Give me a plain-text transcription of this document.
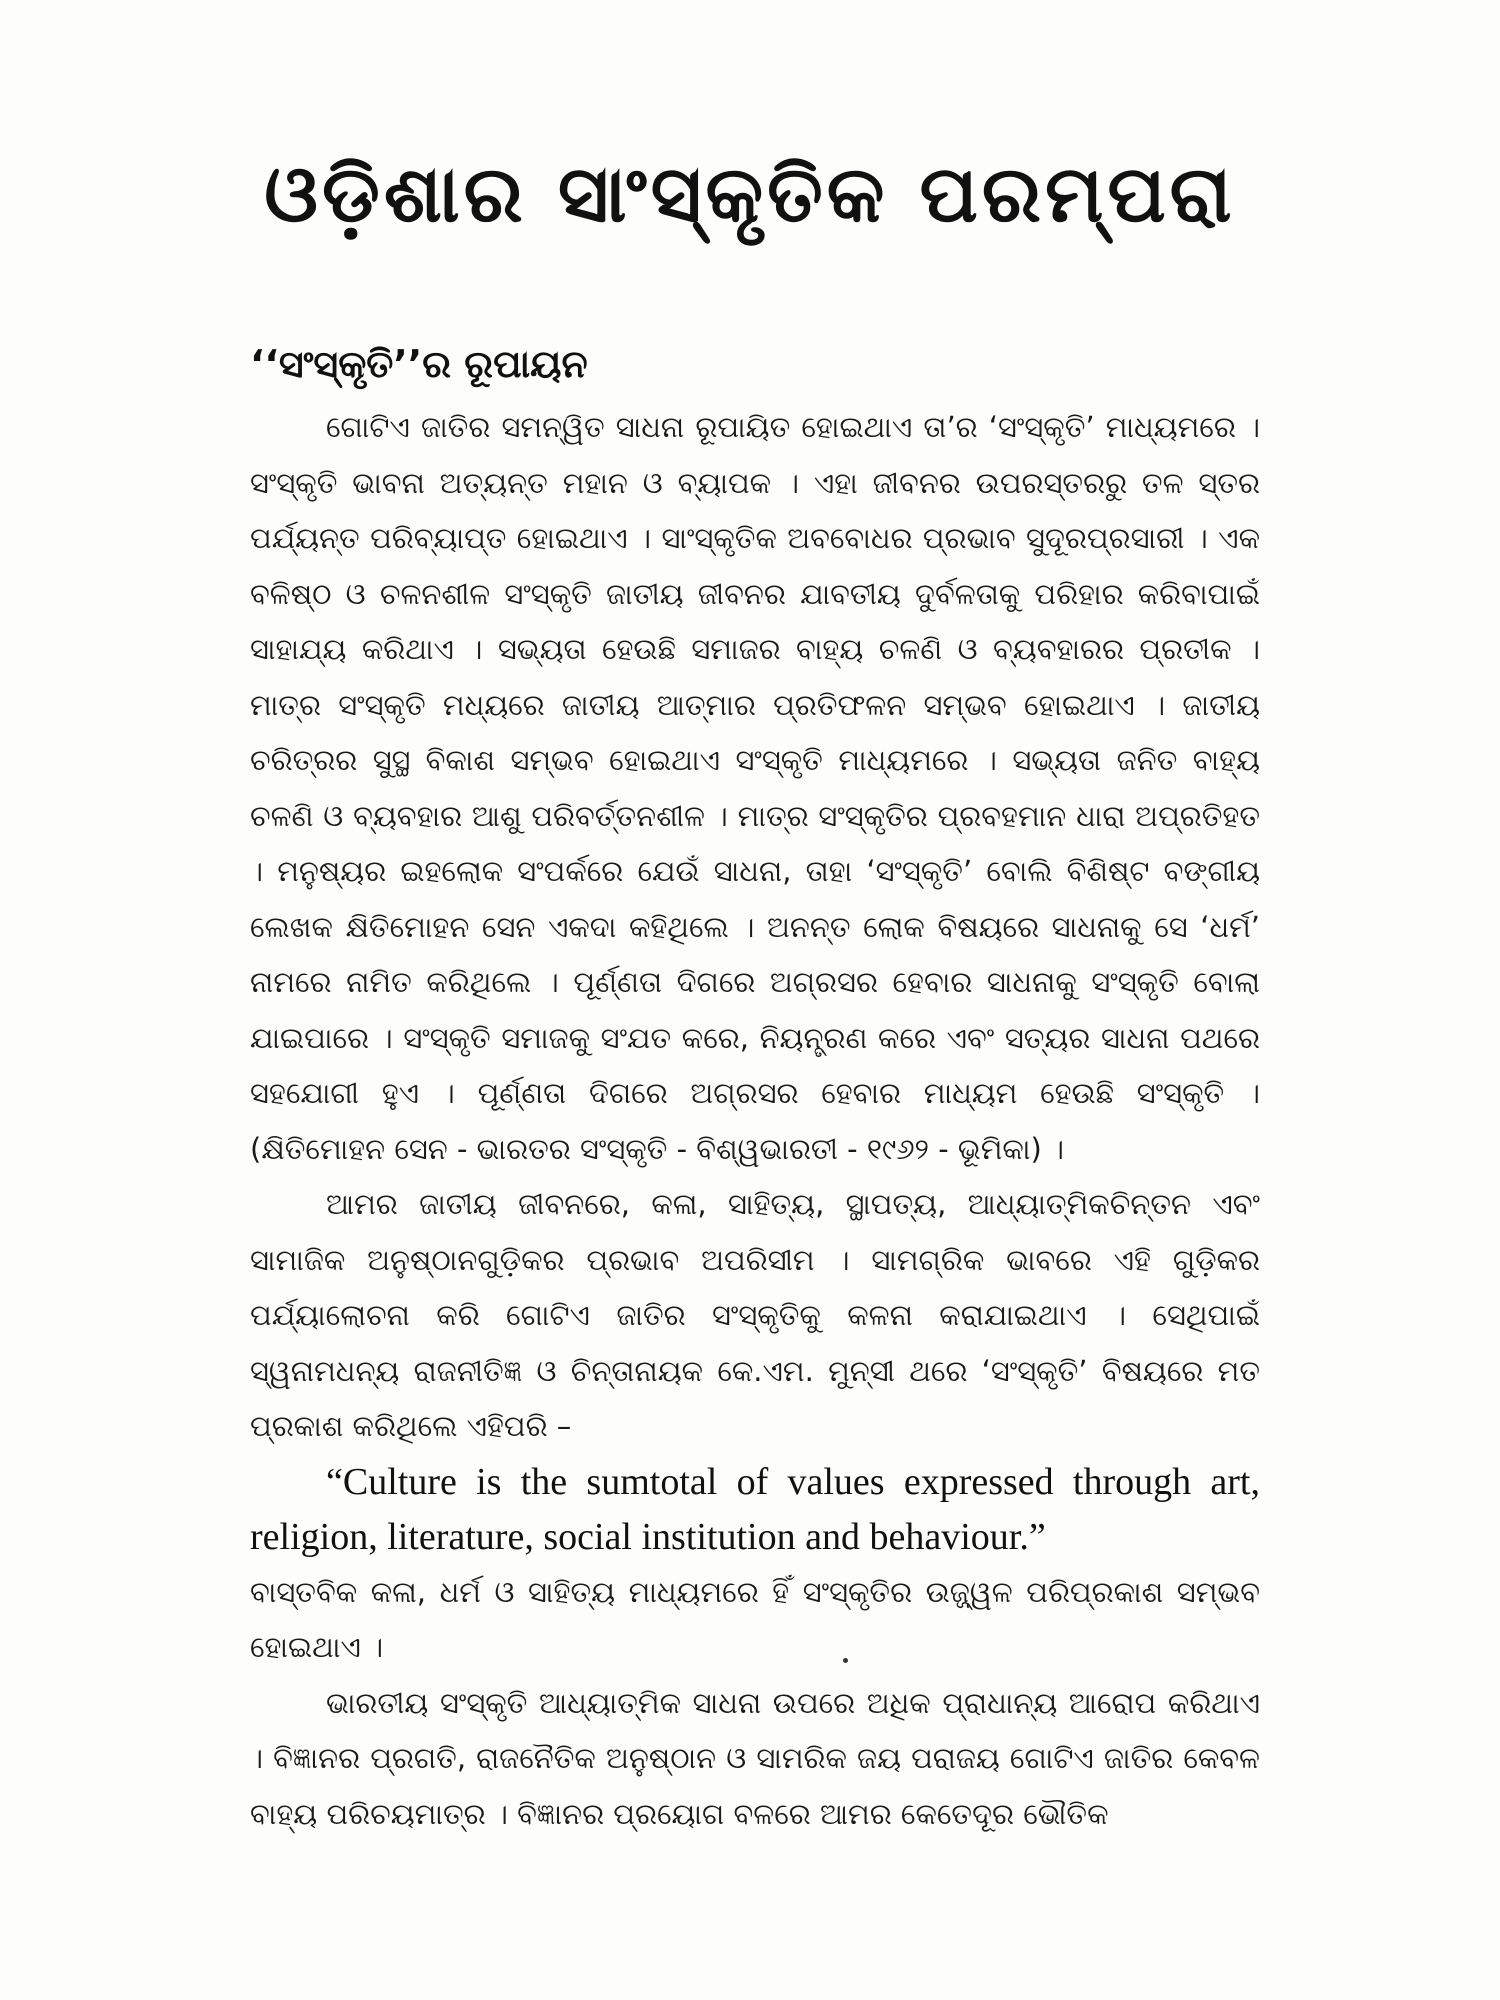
ଓଡ଼ିଶାର ସାଂସ୍କୃତିକ ପରମ୍ପରା
‘‘ସଂସ୍କୃତି’’ର ରୂପାୟନ

ଗୋଟିଏ ଜାତିର ସମନ୍ୱିତ ସାଧନା ରୂପାୟିତ ହୋଇଥାଏ ତା’ର ‘ସଂସ୍କୃତି’ ମାଧ୍ୟମରେ । ସଂସ୍କୃତି ଭାବନା ଅତ୍ୟନ୍ତ ମହାନ ଓ ବ୍ୟାପକ । ଏହା ଜୀବନର ଉପରସ୍ତରରୁ ତଳ ସ୍ତର ପର୍ଯ୍ୟନ୍ତ ପରିବ୍ୟାପ୍ତ ହୋଇଥାଏ । ସାଂସ୍କୃତିକ ଅବବୋଧର ପ୍ରଭାବ ସୁଦୂରପ୍ରସାରୀ । ଏକ ବଳିଷ୍ଠ ଓ ଚଳନଶୀଳ ସଂସ୍କୃତି ଜାତୀୟ ଜୀବନର ଯାବତୀୟ ଦୁର୍ବଳତାକୁ ପରିହାର କରିବାପାଇଁ ସାହାଯ୍ୟ କରିଥାଏ । ସଭ୍ୟତା ହେଉଛି ସମାଜର ବାହ୍ୟ ଚଳଣି ଓ ବ୍ୟବହାରର ପ୍ରତୀକ । ମାତ୍ର ସଂସ୍କୃତି ମଧ୍ୟରେ ଜାତୀୟ ଆତ୍ମାର ପ୍ରତିଫଳନ ସମ୍ଭବ ହୋଇଥାଏ । ଜାତୀୟ ଚରିତ୍ରର ସୁସ୍ଥ ବିକାଶ ସମ୍ଭବ ହୋଇଥାଏ ସଂସ୍କୃତି ମାଧ୍ୟମରେ । ସଭ୍ୟତା ଜନିତ ବାହ୍ୟ ଚଳଣି ଓ ବ୍ୟବହାର ଆଶୁ ପରିବର୍ତ୍ତନଶୀଳ । ମାତ୍ର ସଂସ୍କୃତିର ପ୍ରବହମାନ ଧାରା ଅପ୍ରତିହତ । ମନୁଷ୍ୟର ଇହଲୋକ ସଂପର୍କରେ ଯେଉଁ ସାଧନା, ତାହା ‘ସଂସ୍କୃତି’ ବୋଲି ବିଶିଷ୍ଟ ବଙ୍ଗୀୟ ଲେଖକ କ୍ଷିତିମୋହନ ସେନ ଏକଦା କହିଥିଲେ । ଅନନ୍ତ ଲୋକ ବିଷୟରେ ସାଧନାକୁ ସେ ‘ଧର୍ମ’ ନାମରେ ନାମିତ କରିଥିଲେ । ପୂର୍ଣ୍ଣତା ଦିଗରେ ଅଗ୍ରସର ହେବାର ସାଧନାକୁ ସଂସ୍କୃତି ବୋଲା ଯାଇପାରେ । ସଂସ୍କୃତି ସମାଜକୁ ସଂଯତ କରେ, ନିୟନ୍ତ୍ରଣ କରେ ଏବଂ ସତ୍ୟର ସାଧନା ପଥରେ ସହଯୋଗୀ ହୁଏ । ପୂର୍ଣ୍ଣତା ଦିଗରେ ଅଗ୍ରସର ହେବାର ମାଧ୍ୟମ ହେଉଛି ସଂସ୍କୃତି । (କ୍ଷିତିମୋହନ ସେନ - ଭାରତର ସଂସ୍କୃତି - ବିଶ୍ୱଭାରତୀ - ୧୯୬୨ - ଭୂମିକା) ।

ଆମର ଜାତୀୟ ଜୀବନରେ, କଳା, ସାହିତ୍ୟ, ସ୍ଥାପତ୍ୟ, ଆଧ୍ୟାତ୍ମିକଚିନ୍ତନ ଏବଂ ସାମାଜିକ ଅନୁଷ୍ଠାନଗୁଡ଼ିକର ପ୍ରଭାବ ଅପରିସୀମ । ସାମଗ୍ରିକ ଭାବରେ ଏହି ଗୁଡ଼ିକର ପର୍ଯ୍ୟାଲୋଚନା କରି ଗୋଟିଏ ଜାତିର ସଂସ୍କୃତିକୁ କଳନା କରାଯାଇଥାଏ । ସେଥିପାଇଁ ସ୍ୱନାମଧନ୍ୟ ରାଜନୀତିଜ୍ଞ ଓ ଚିନ୍ତାନାୟକ କେ.ଏମ. ମୁନ୍‌ସୀ ଥରେ ‘ସଂସ୍କୃତି’ ବିଷୟରେ ମତ ପ୍ରକାଶ କରିଥିଲେ ଏହିପରି –

“Culture is the sumtotal of values expressed through art, religion, literature, social institution and behaviour.”

ବାସ୍ତବିକ କଳା, ଧର୍ମ ଓ ସାହିତ୍ୟ ମାଧ୍ୟମରେ ହିଁ ସଂସ୍କୃତିର ଉଜ୍ଜ୍ୱଳ ପରିପ୍ରକାଶ ସମ୍ଭବ ହୋଇଥାଏ ।

ଭାରତୀୟ ସଂସ୍କୃତି ଆଧ୍ୟାତ୍ମିକ ସାଧନା ଉପରେ ଅଧିକ ପ୍ରାଧାନ୍ୟ ଆରୋପ କରିଥାଏ । ବିଜ୍ଞାନର ପ୍ରଗତି, ରାଜନୈତିକ ଅନୁଷ୍ଠାନ ଓ ସାମରିକ ଜୟ ପରାଜୟ ଗୋଟିଏ ଜାତିର କେବଳ ବାହ୍ୟ ପରିଚୟମାତ୍ର । ବିଜ୍ଞାନର ପ୍ରୟୋଗ ବଳରେ ଆମର କେତେଦୂର ଭୌତିକ
